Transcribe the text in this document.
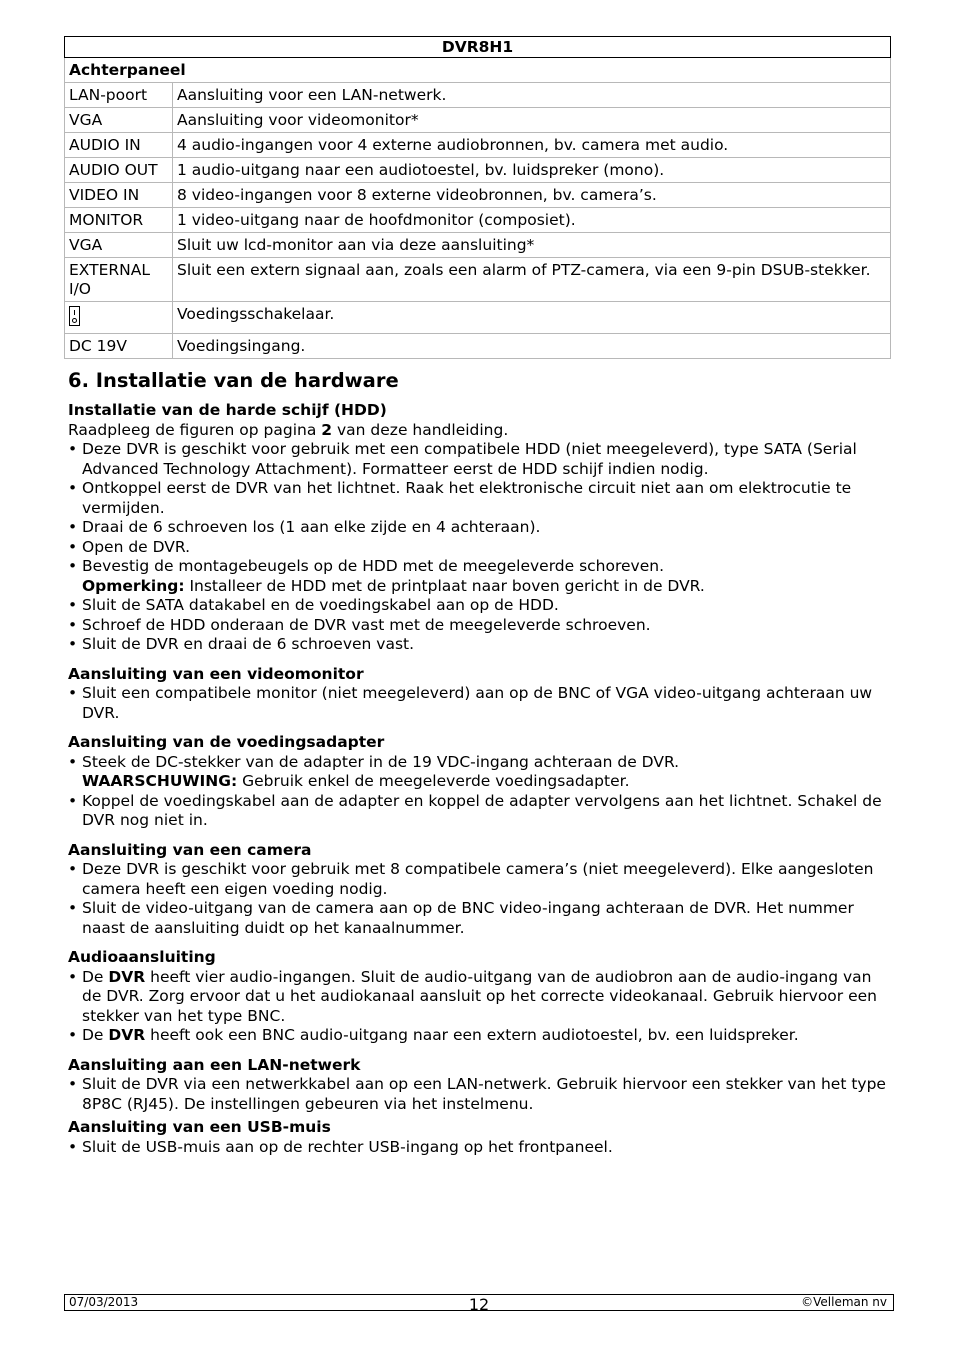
DVR8H1	
Achterpaneel	
LAN-poort	Aansluiting voor een LAN-netwerk.
VGA	Aansluiting voor videomonitor*
AUDIO IN	4 audio-ingangen voor 4 externe audiobronnen, bv. camera met audio.
AUDIO OUT	1 audio-uitgang naar een audiotoestel, bv. luidspreker (mono).
VIDEO IN	8 video-ingangen voor 8 externe videobronnen, bv. camera’s.
MONITOR	1 video-uitgang naar de hoofdmonitor (composiet).
VGA	Sluit uw lcd-monitor aan via deze aansluiting*
EXTERNAL I/O	Sluit een extern signaal aan, zoals een alarm of PTZ-camera, via een 9-pin DSUB-stekker.

	Voedingsschakelaar.
DC 19V	Voedingsingang.
6. Installatie van de hardware
Installatie van de harde schijf (HDD)

Raadpleeg de figuren op pagina 2 van deze handleiding.

• Deze DVR is geschikt voor gebruik met een compatibele HDD (niet meegeleverd), type SATA (Serial Advanced Technology Attachment). Formatteer eerst de HDD schijf indien nodig.
• Ontkoppel eerst de DVR van het lichtnet. Raak het elektronische circuit niet aan om elektrocutie te vermijden.
• Draai de 6 schroeven los (1 aan elke zijde en 4 achteraan).
• Open de DVR.
• Bevestig de montagebeugels op de HDD met de meegeleverde schoreven.
Opmerking: Installeer de HDD met de printplaat naar boven gericht in de DVR.
• Sluit de SATA datakabel en de voedingskabel aan op de HDD.
• Schroef de HDD onderaan de DVR vast met de meegeleverde schroeven.
• Sluit de DVR en draai de 6 schroeven vast.
Aansluiting van een videomonitor
• Sluit een compatibele monitor (niet meegeleverd) aan op de BNC of VGA video-uitgang achteraan uw DVR.
Aansluiting van de voedingsadapter
• Steek de DC-stekker van de adapter in de 19 VDC-ingang achteraan de DVR.
WAARSCHUWING: Gebruik enkel de meegeleverde voedingsadapter.
• Koppel de voedingskabel aan de adapter en koppel de adapter vervolgens aan het lichtnet. Schakel de DVR nog niet in.
Aansluiting van een camera
• Deze DVR is geschikt voor gebruik met 8 compatibele camera’s (niet meegeleverd). Elke aangesloten camera heeft een eigen voeding nodig.
• Sluit de video-uitgang van de camera aan op de BNC video-ingang achteraan de DVR. Het nummer naast de aansluiting duidt op het kanaalnummer.
Audioaansluiting
• De DVR heeft vier audio-ingangen. Sluit de audio-uitgang van de audiobron aan de audio-ingang van de DVR. Zorg ervoor dat u het audiokanaal aansluit op het correcte videokanaal. Gebruik hiervoor een stekker van het type BNC.
• De DVR heeft ook een BNC audio-uitgang naar een extern audiotoestel, bv. een luidspreker.
Aansluiting aan een LAN-netwerk
• Sluit de DVR via een netwerkkabel aan op een LAN-netwerk. Gebruik hiervoor een stekker van het type 8P8C (RJ45). De instellingen gebeuren via het instelmenu.
Aansluiting van een USB-muis
• Sluit de USB-muis aan op de rechter USB-ingang op het frontpaneel.
07/03/2013	12	©Velleman nv
